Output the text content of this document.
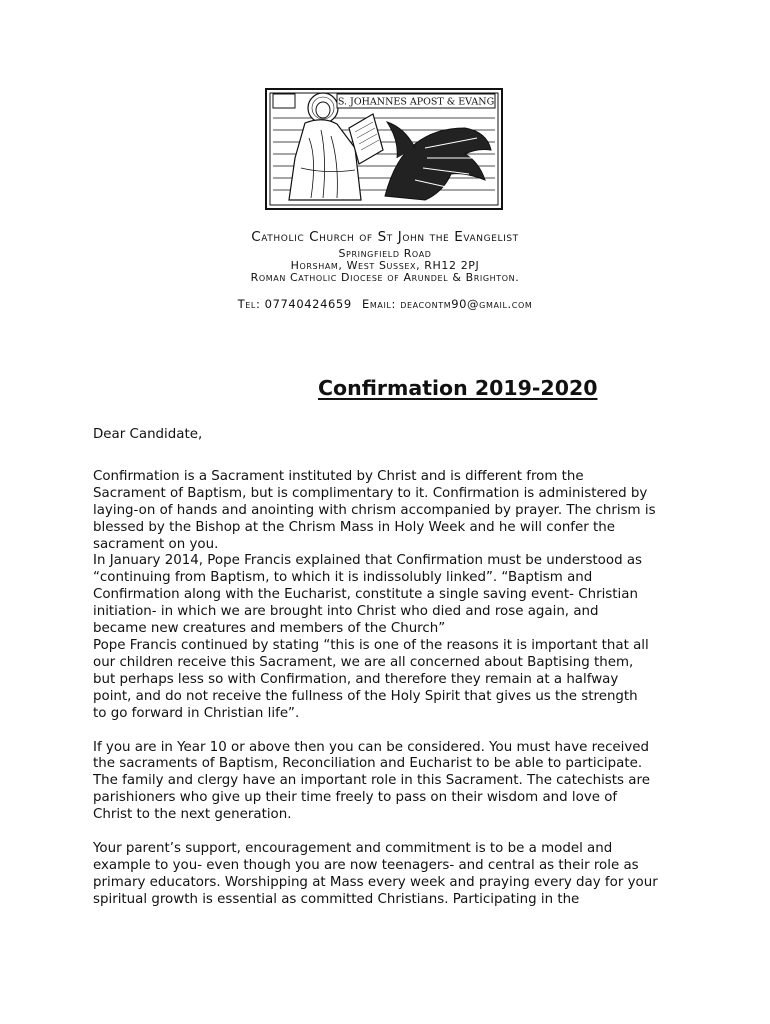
S. JOHANNES APOST & EVANG
Catholic Church of St John the Evangelist
Springfield Road
Horsham, West Sussex, RH12 2PJ
Roman Catholic Diocese of Arundel & Brighton.
Tel: 07740424659 Email: deacontm90@gmail.com
Confirmation 2019-2020

Dear Candidate,

Confirmation is a Sacrament instituted by Christ and is different from the

Sacrament of Baptism, but is complimentary to it. Confirmation is administered by

laying-on of hands and anointing with chrism accompanied by prayer. The chrism is

blessed by the Bishop at the Chrism Mass in Holy Week and he will confer the

sacrament on you.

In January 2014, Pope Francis explained that Confirmation must be understood as

“continuing from Baptism, to which it is indissolubly linked”. “Baptism and

Confirmation along with the Eucharist, constitute a single saving event- Christian

initiation- in which we are brought into Christ who died and rose again, and

became new creatures and members of the Church”

Pope Francis continued by stating “this is one of the reasons it is important that all

our children receive this Sacrament, we are all concerned about Baptising them,

but perhaps less so with Confirmation, and therefore they remain at a halfway

point, and do not receive the fullness of the Holy Spirit that gives us the strength

to go forward in Christian life”.

If you are in Year 10 or above then you can be considered. You must have received

the sacraments of Baptism, Reconciliation and Eucharist to be able to participate.

The family and clergy have an important role in this Sacrament. The catechists are

parishioners who give up their time freely to pass on their wisdom and love of

Christ to the next generation.

Your parent’s support, encouragement and commitment is to be a model and

example to you- even though you are now teenagers- and central as their role as

primary educators. Worshipping at Mass every week and praying every day for your

spiritual growth is essential as committed Christians. Participating in the
